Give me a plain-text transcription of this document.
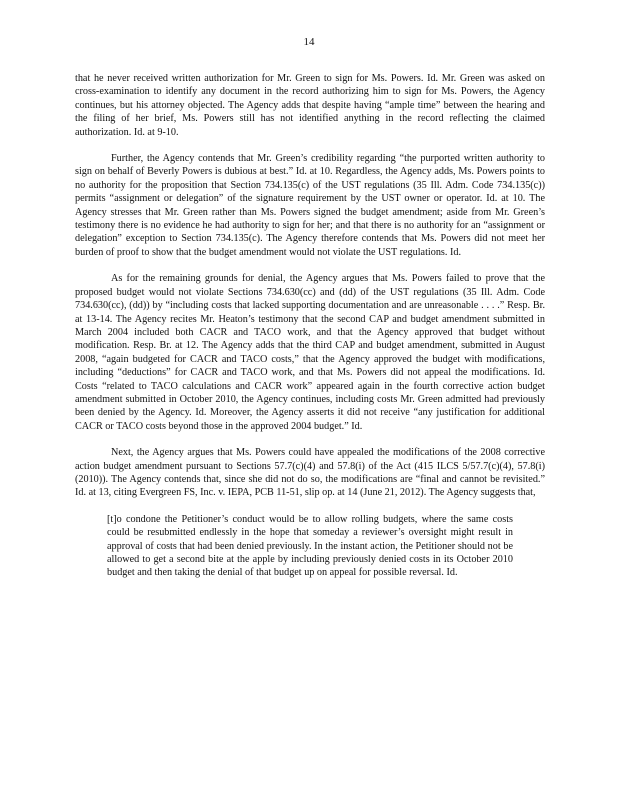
14

that he never received written authorization for Mr. Green to sign for Ms. Powers. Id. Mr. Green was asked on cross-examination to identify any document in the record authorizing him to sign for Ms. Powers, the Agency continues, but his attorney objected. The Agency adds that despite having “ample time” between the hearing and the filing of her brief, Ms. Powers still has not identified anything in the record reflecting the claimed authorization. Id. at 9-10.

Further, the Agency contends that Mr. Green’s credibility regarding “the purported written authority to sign on behalf of Beverly Powers is dubious at best.” Id. at 10. Regardless, the Agency adds, Ms. Powers points to no authority for the proposition that Section 734.135(c) of the UST regulations (35 Ill. Adm. Code 734.135(c)) permits “assignment or delegation” of the signature requirement by the UST owner or operator. Id. at 10. The Agency stresses that Mr. Green rather than Ms. Powers signed the budget amendment; aside from Mr. Green’s testimony there is no evidence he had authority to sign for her; and that there is no authority for an “assignment or delegation” exception to Section 734.135(c). The Agency therefore contends that Ms. Powers did not meet her burden of proof to show that the budget amendment would not violate the UST regulations. Id.

As for the remaining grounds for denial, the Agency argues that Ms. Powers failed to prove that the proposed budget would not violate Sections 734.630(cc) and (dd) of the UST regulations (35 Ill. Adm. Code 734.630(cc), (dd)) by “including costs that lacked supporting documentation and are unreasonable . . . .” Resp. Br. at 13-14. The Agency recites Mr. Heaton’s testimony that the second CAP and budget amendment submitted in March 2004 included both CACR and TACO work, and that the Agency approved that budget without modification. Resp. Br. at 12. The Agency adds that the third CAP and budget amendment, submitted in August 2008, “again budgeted for CACR and TACO costs,” that the Agency approved the budget with modifications, including “deductions” for CACR and TACO work, and that Ms. Powers did not appeal the modifications. Id. Costs “related to TACO calculations and CACR work” appeared again in the fourth corrective action budget amendment submitted in October 2010, the Agency continues, including costs Mr. Green admitted had previously been denied by the Agency. Id. Moreover, the Agency asserts it did not receive “any justification for additional CACR or TACO costs beyond those in the approved 2004 budget.” Id.

Next, the Agency argues that Ms. Powers could have appealed the modifications of the 2008 corrective action budget amendment pursuant to Sections 57.7(c)(4) and 57.8(i) of the Act (415 ILCS 5/57.7(c)(4), 57.8(i) (2010)). The Agency contends that, since she did not do so, the modifications are “final and cannot be revisited.” Id. at 13, citing Evergreen FS, Inc. v. IEPA, PCB 11-51, slip op. at 14 (June 21, 2012). The Agency suggests that,

[t]o condone the Petitioner’s conduct would be to allow rolling budgets, where the same costs could be resubmitted endlessly in the hope that someday a reviewer’s oversight might result in approval of costs that had been denied previously. In the instant action, the Petitioner should not be allowed to get a second bite at the apple by including previously denied costs in its October 2010 budget and then taking the denial of that budget up on appeal for possible reversal. Id.
